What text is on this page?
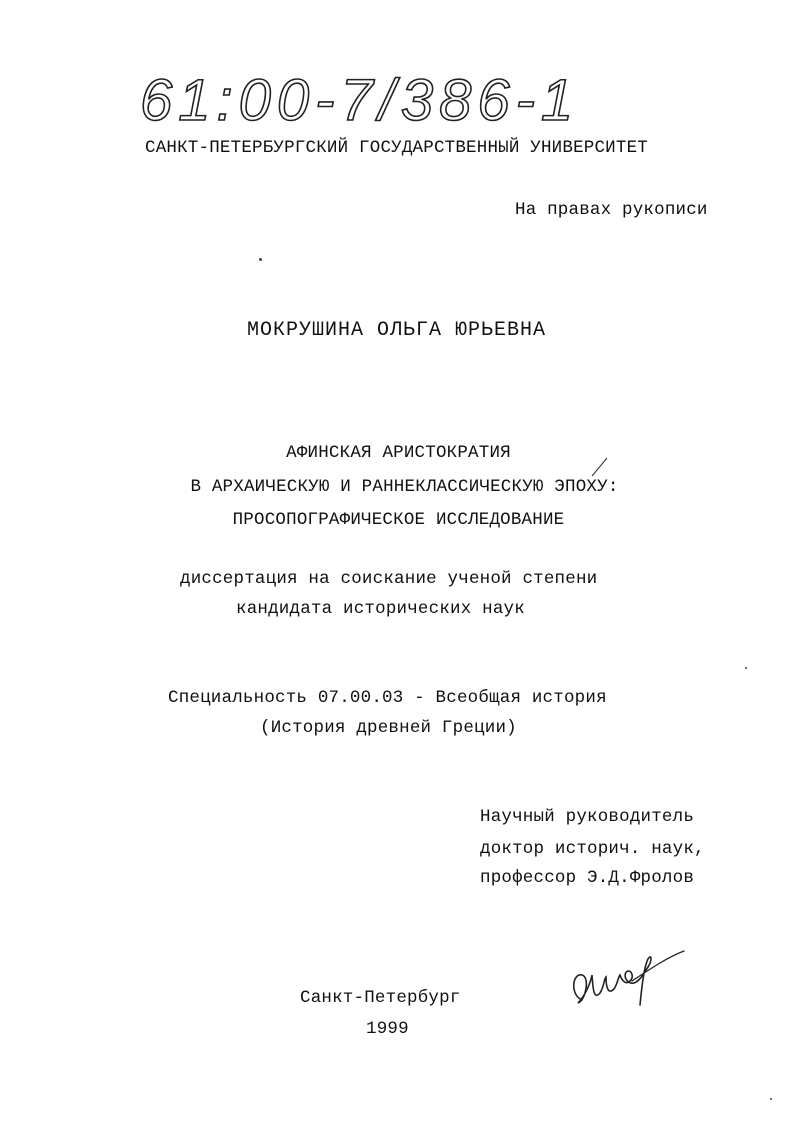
61:00-7/386-1
САНКТ-ПЕТЕРБУРГСКИЙ ГОСУДАРСТВЕННЫЙ УНИВЕРСИТЕТ
На правах рукописи
МОКРУШИНА ОЛЬГА ЮРЬЕВНА
АФИНСКАЯ АРИСТОКРАТИЯ
В АРХАИЧЕСКУЮ И РАННЕКЛАССИЧЕСКУЮ ЭПОХУ:
ПРОСОПОГРАФИЧЕСКОЕ ИССЛЕДОВАНИЕ
диссертация на соискание ученой степени
кандидата исторических наук
Специальность 07.00.03 - Всеобщая история
(История древней Греции)
Научный руководитель
доктор историч. наук,
профессор Э.Д.Фролов
Санкт-Петербург
1999
